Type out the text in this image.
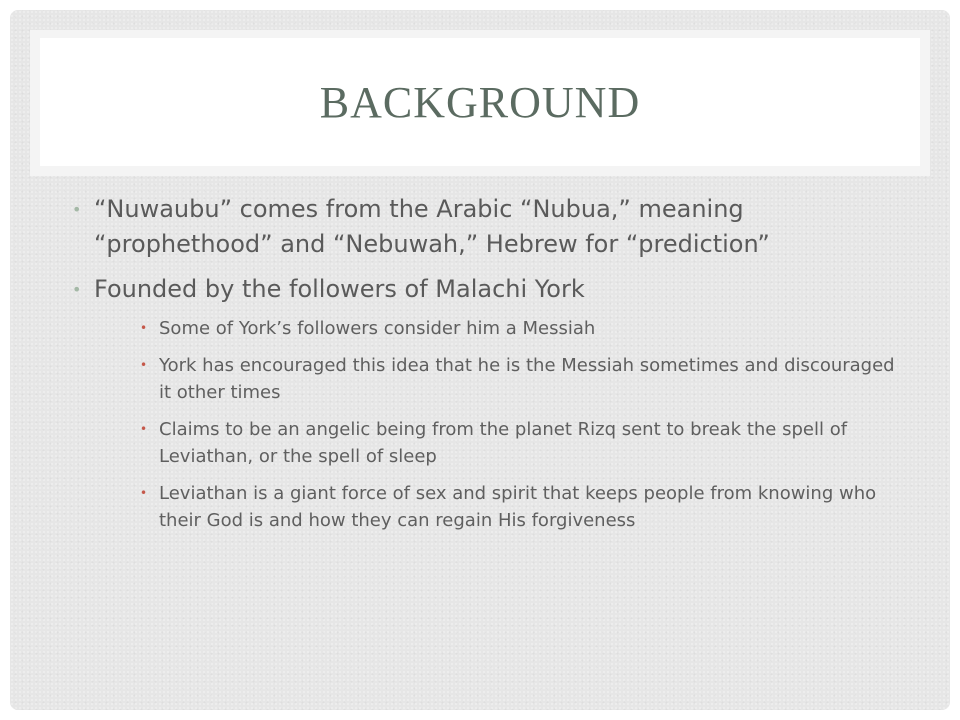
BACKGROUND
• “Nuwaubu” comes from the Arabic “Nubua,” meaning “prophethood” and “Nebuwah,” Hebrew for “prediction”
• Founded by the followers of Malachi York
• Some of York’s followers consider him a Messiah
• York has encouraged this idea that he is the Messiah sometimes and discouraged it other times
• Claims to be an angelic being from the planet Rizq sent to break the spell of Leviathan, or the spell of sleep
• Leviathan is a giant force of sex and spirit that keeps people from knowing who their God is and how they can regain His forgiveness
